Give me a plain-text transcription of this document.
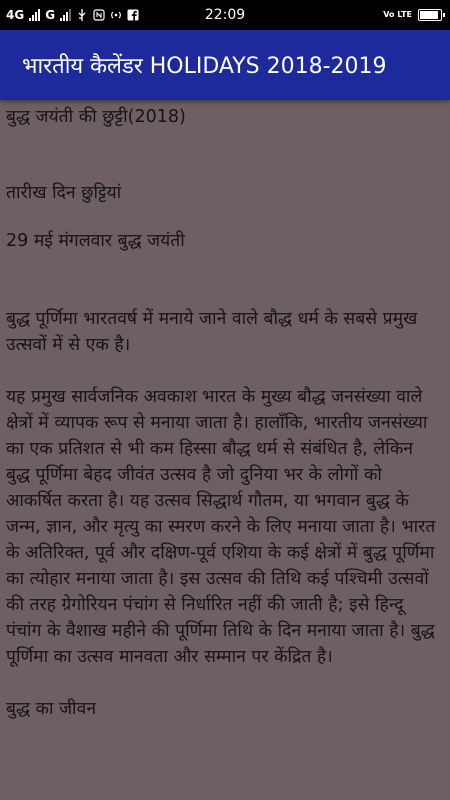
4G G	22:09	Vo LTE
भारतीय कैलेंडर HOLIDAYS 2018-2019

बुद्ध जयंती की छुट्टी(2018)

तारीख दिन छुट्टियां

29 मई मंगलवार बुद्ध जयंती

बुद्ध पूर्णिमा भारतवर्ष में मनाये जाने वाले बौद्ध धर्म के सबसे प्रमुख उत्सवों में से एक है।

यह प्रमुख सार्वजनिक अवकाश भारत के मुख्य बौद्ध जनसंख्या वाले क्षेत्रों में व्यापक रूप से मनाया जाता है। हालाँकि, भारतीय जनसंख्या का एक प्रतिशत से भी कम हिस्सा बौद्ध धर्म से संबंधित है, लेकिन बुद्ध पूर्णिमा बेहद जीवंत उत्सव है जो दुनिया भर के लोगों को आकर्षित करता है। यह उत्सव सिद्धार्थ गौतम, या भगवान बुद्ध के जन्म, ज्ञान, और मृत्यु का स्मरण करने के लिए मनाया जाता है। भारत के अतिरिक्त, पूर्व और दक्षिण-पूर्व एशिया के कई क्षेत्रों में बुद्ध पूर्णिमा का त्योहार मनाया जाता है। इस उत्सव की तिथि कई पश्चिमी उत्सवों की तरह ग्रेगोरियन पंचांग से निर्धारित नहीं की जाती है; इसे हिन्दू पंचांग के वैशाख महीने की पूर्णिमा तिथि के दिन मनाया जाता है। बुद्ध पूर्णिमा का उत्सव मानवता और सम्मान पर केंद्रित है।

बुद्ध का जीवन
